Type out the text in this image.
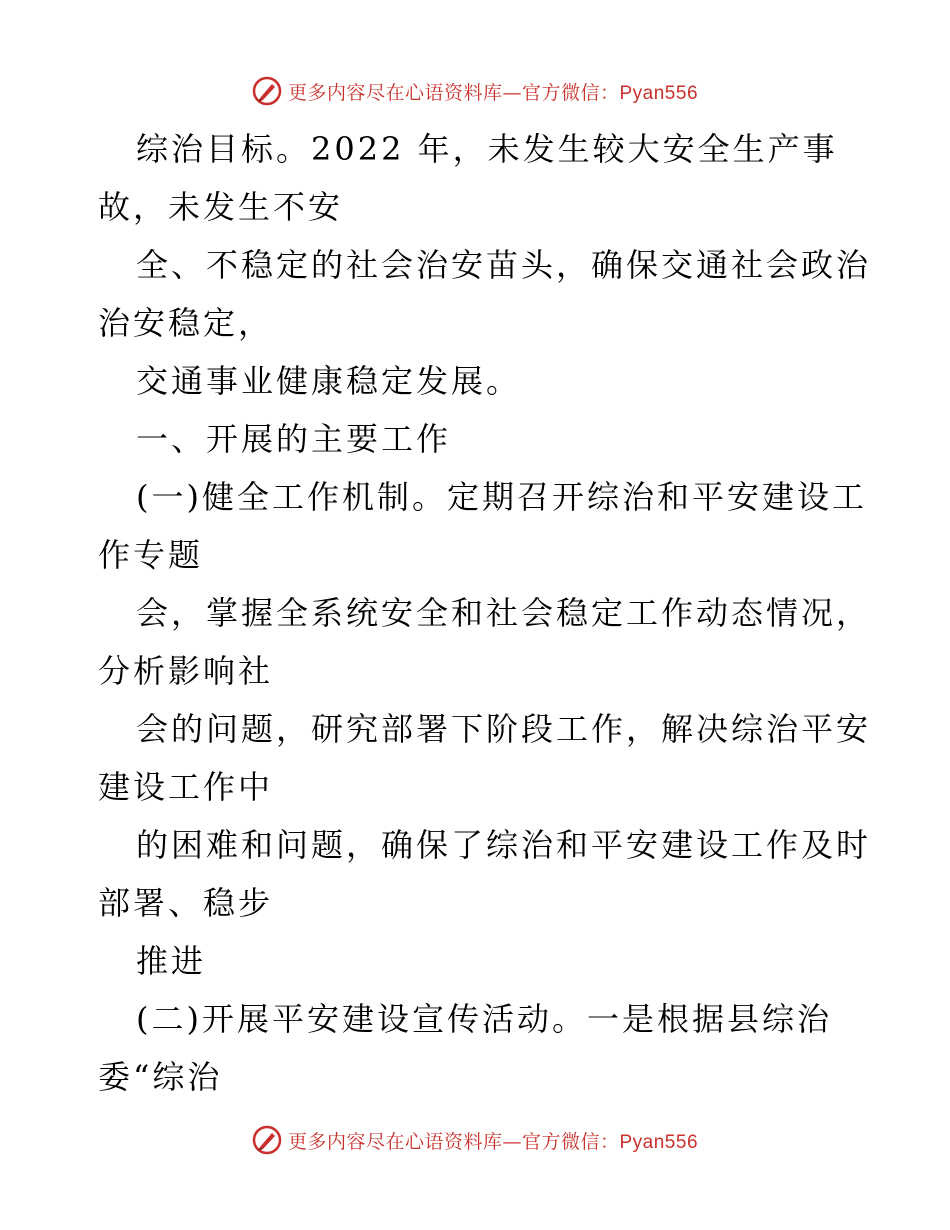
更多内容尽在心语资料库—官方微信：Pyan556
综治目标。2022 年，未发生较大安全生产事
故，未发生不安
全、不稳定的社会治安苗头，确保交通社会政治
治安稳定，
交通事业健康稳定发展。
一、开展的主要工作
(一)健全工作机制。定期召开综治和平安建设工
作专题
会，掌握全系统安全和社会稳定工作动态情况，
分析影响社
会的问题，研究部署下阶段工作，解决综治平安
建设工作中
的困难和问题，确保了综治和平安建设工作及时
部署、稳步
推进
(二)开展平安建设宣传活动。一是根据县综治
委“综治
更多内容尽在心语资料库—官方微信：Pyan556
